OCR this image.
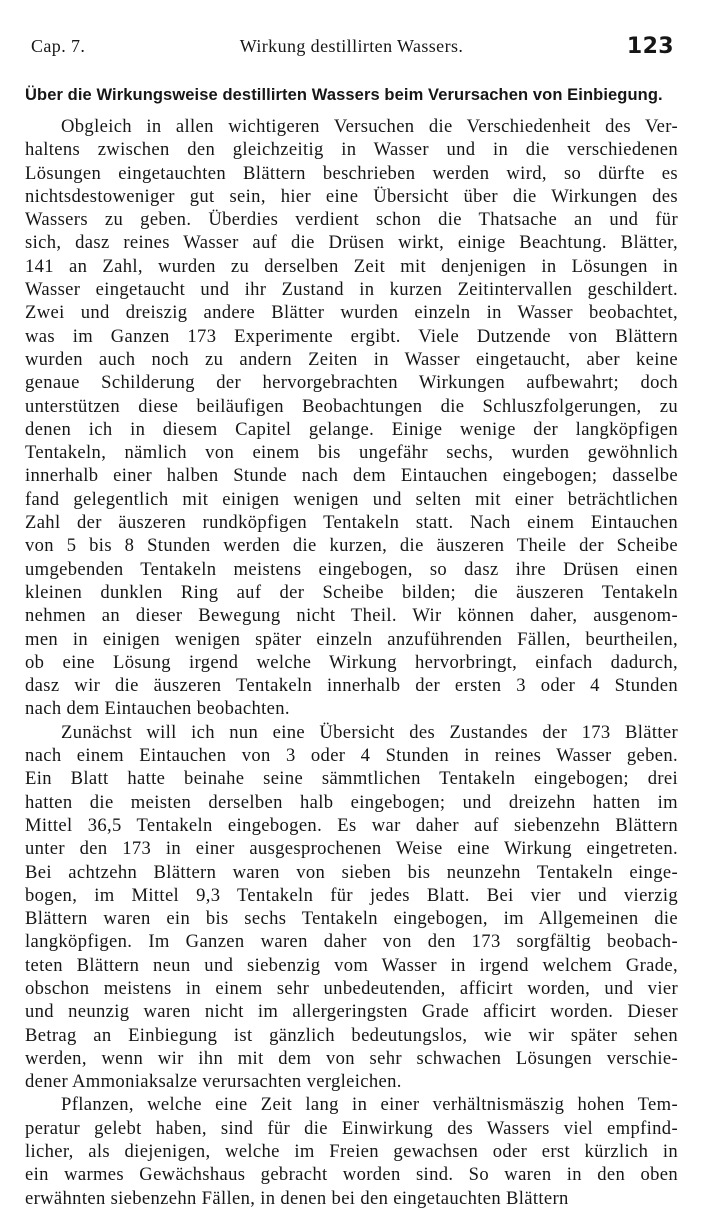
Cap. 7.	Wirkung destillirten Wassers.	123
Über die Wirkungsweise destillirten Wassers beim Verursachen von Einbiegung.

Obgleich in allen wichtigeren Versuchen die Verschiedenheit des Ver-
haltens zwischen den gleichzeitig in Wasser und in die verschiedenen
Lösungen eingetauchten Blättern beschrieben werden wird, so dürfte es
nichtsdestoweniger gut sein, hier eine Übersicht über die Wirkungen des
Wassers zu geben. Überdies verdient schon die Thatsache an und für
sich, dasz reines Wasser auf die Drüsen wirkt, einige Beachtung. Blätter,
141 an Zahl, wurden zu derselben Zeit mit denjenigen in Lösungen in
Wasser eingetaucht und ihr Zustand in kurzen Zeitintervallen geschildert.
Zwei und dreiszig andere Blätter wurden einzeln in Wasser beobachtet,
was im Ganzen 173 Experimente ergibt. Viele Dutzende von Blättern
wurden auch noch zu andern Zeiten in Wasser eingetaucht, aber keine
genaue Schilderung der hervorgebrachten Wirkungen aufbewahrt; doch
unterstützen diese beiläufigen Beobachtungen die Schluszfolgerungen, zu
denen ich in diesem Capitel gelange. Einige wenige der langköpfigen
Tentakeln, nämlich von einem bis ungefähr sechs, wurden gewöhnlich
innerhalb einer halben Stunde nach dem Eintauchen eingebogen; dasselbe
fand gelegentlich mit einigen wenigen und selten mit einer beträchtlichen
Zahl der äuszeren rundköpfigen Tentakeln statt. Nach einem Eintauchen
von 5 bis 8 Stunden werden die kurzen, die äuszeren Theile der Scheibe
umgebenden Tentakeln meistens eingebogen, so dasz ihre Drüsen einen
kleinen dunklen Ring auf der Scheibe bilden; die äuszeren Tentakeln
nehmen an dieser Bewegung nicht Theil. Wir können daher, ausgenom-
men in einigen wenigen später einzeln anzuführenden Fällen, beurtheilen,
ob eine Lösung irgend welche Wirkung hervorbringt, einfach dadurch,
dasz wir die äuszeren Tentakeln innerhalb der ersten 3 oder 4 Stunden
nach dem Eintauchen beobachten.

Zunächst will ich nun eine Übersicht des Zustandes der 173 Blätter
nach einem Eintauchen von 3 oder 4 Stunden in reines Wasser geben.
Ein Blatt hatte beinahe seine sämmtlichen Tentakeln eingebogen; drei
hatten die meisten derselben halb eingebogen; und dreizehn hatten im
Mittel 36,5 Tentakeln eingebogen. Es war daher auf siebenzehn Blättern
unter den 173 in einer ausgesprochenen Weise eine Wirkung eingetreten.
Bei achtzehn Blättern waren von sieben bis neunzehn Tentakeln einge-
bogen, im Mittel 9,3 Tentakeln für jedes Blatt. Bei vier und vierzig
Blättern waren ein bis sechs Tentakeln eingebogen, im Allgemeinen die
langköpfigen. Im Ganzen waren daher von den 173 sorgfältig beobach-
teten Blättern neun und siebenzig vom Wasser in irgend welchem Grade,
obschon meistens in einem sehr unbedeutenden, afficirt worden, und vier
und neunzig waren nicht im allergeringsten Grade afficirt worden. Dieser
Betrag an Einbiegung ist gänzlich bedeutungslos, wie wir später sehen
werden, wenn wir ihn mit dem von sehr schwachen Lösungen verschie-
dener Ammoniaksalze verursachten vergleichen.

Pflanzen, welche eine Zeit lang in einer verhältnismäszig hohen Tem-
peratur gelebt haben, sind für die Einwirkung des Wassers viel empfind-
licher, als diejenigen, welche im Freien gewachsen oder erst kürzlich in
ein warmes Gewächshaus gebracht worden sind. So waren in den oben
erwähnten siebenzehn Fällen, in denen bei den eingetauchten Blättern
